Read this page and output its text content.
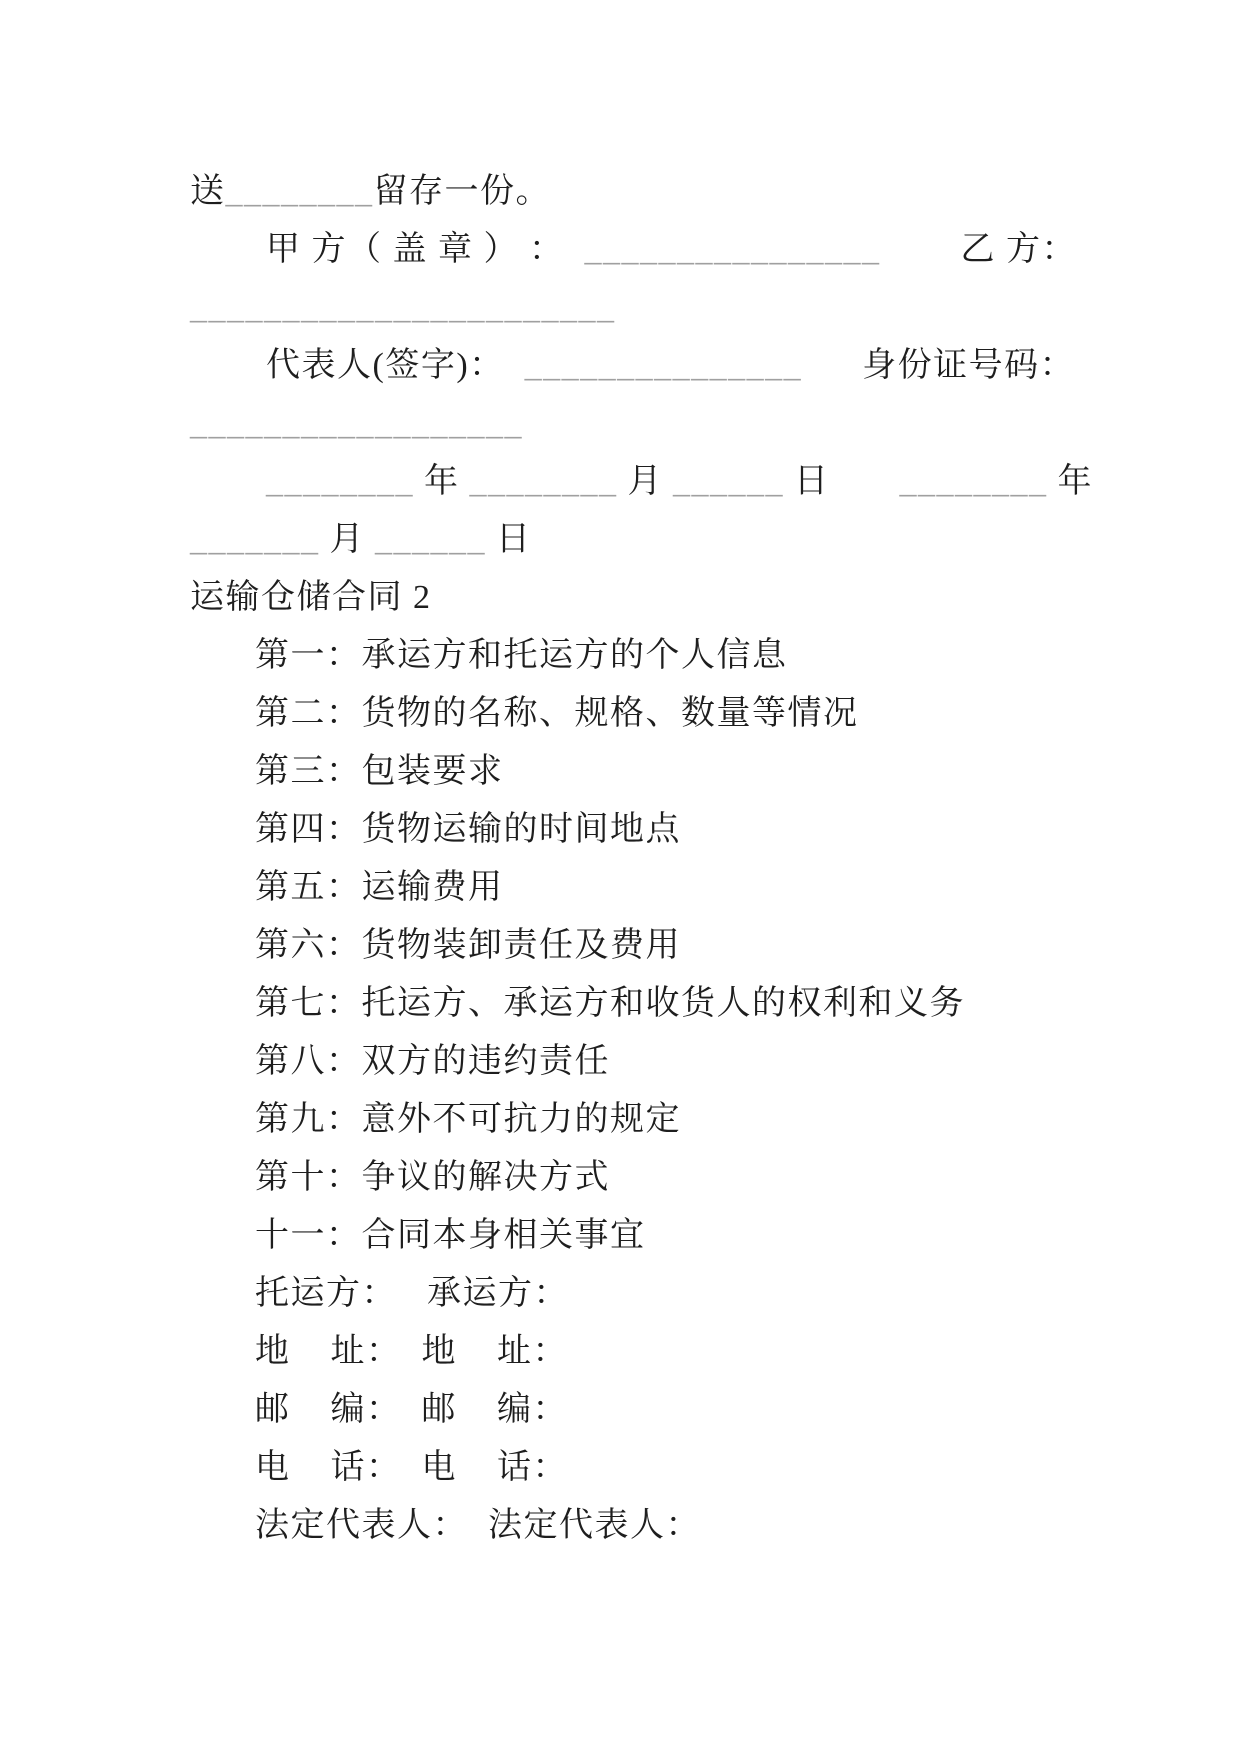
送________留存一份。
甲 方（ 盖 章 ） ：  ________________        乙 方：
_______________________
代表人(签字)：  _______________      身份证号码：
__________________
________ 年 ________ 月 ______ 日 ________ 年
_______ 月 ______ 日
运输仓储合同 2
第一：承运方和托运方的个人信息
第二：货物的名称、规格、数量等情况
第三：包装要求
第四：货物运输的时间地点
第五：运输费用
第六：货物装卸责任及费用
第七：托运方、承运方和收货人的权利和义务
第八：双方的违约责任
第九：意外不可抗力的规定
第十：争议的解决方式
十一：合同本身相关事宜
托运方：   承运方：
地    址：  地    址：
邮    编：  邮    编：
电    话：  电    话：
法定代表人：  法定代表人：
